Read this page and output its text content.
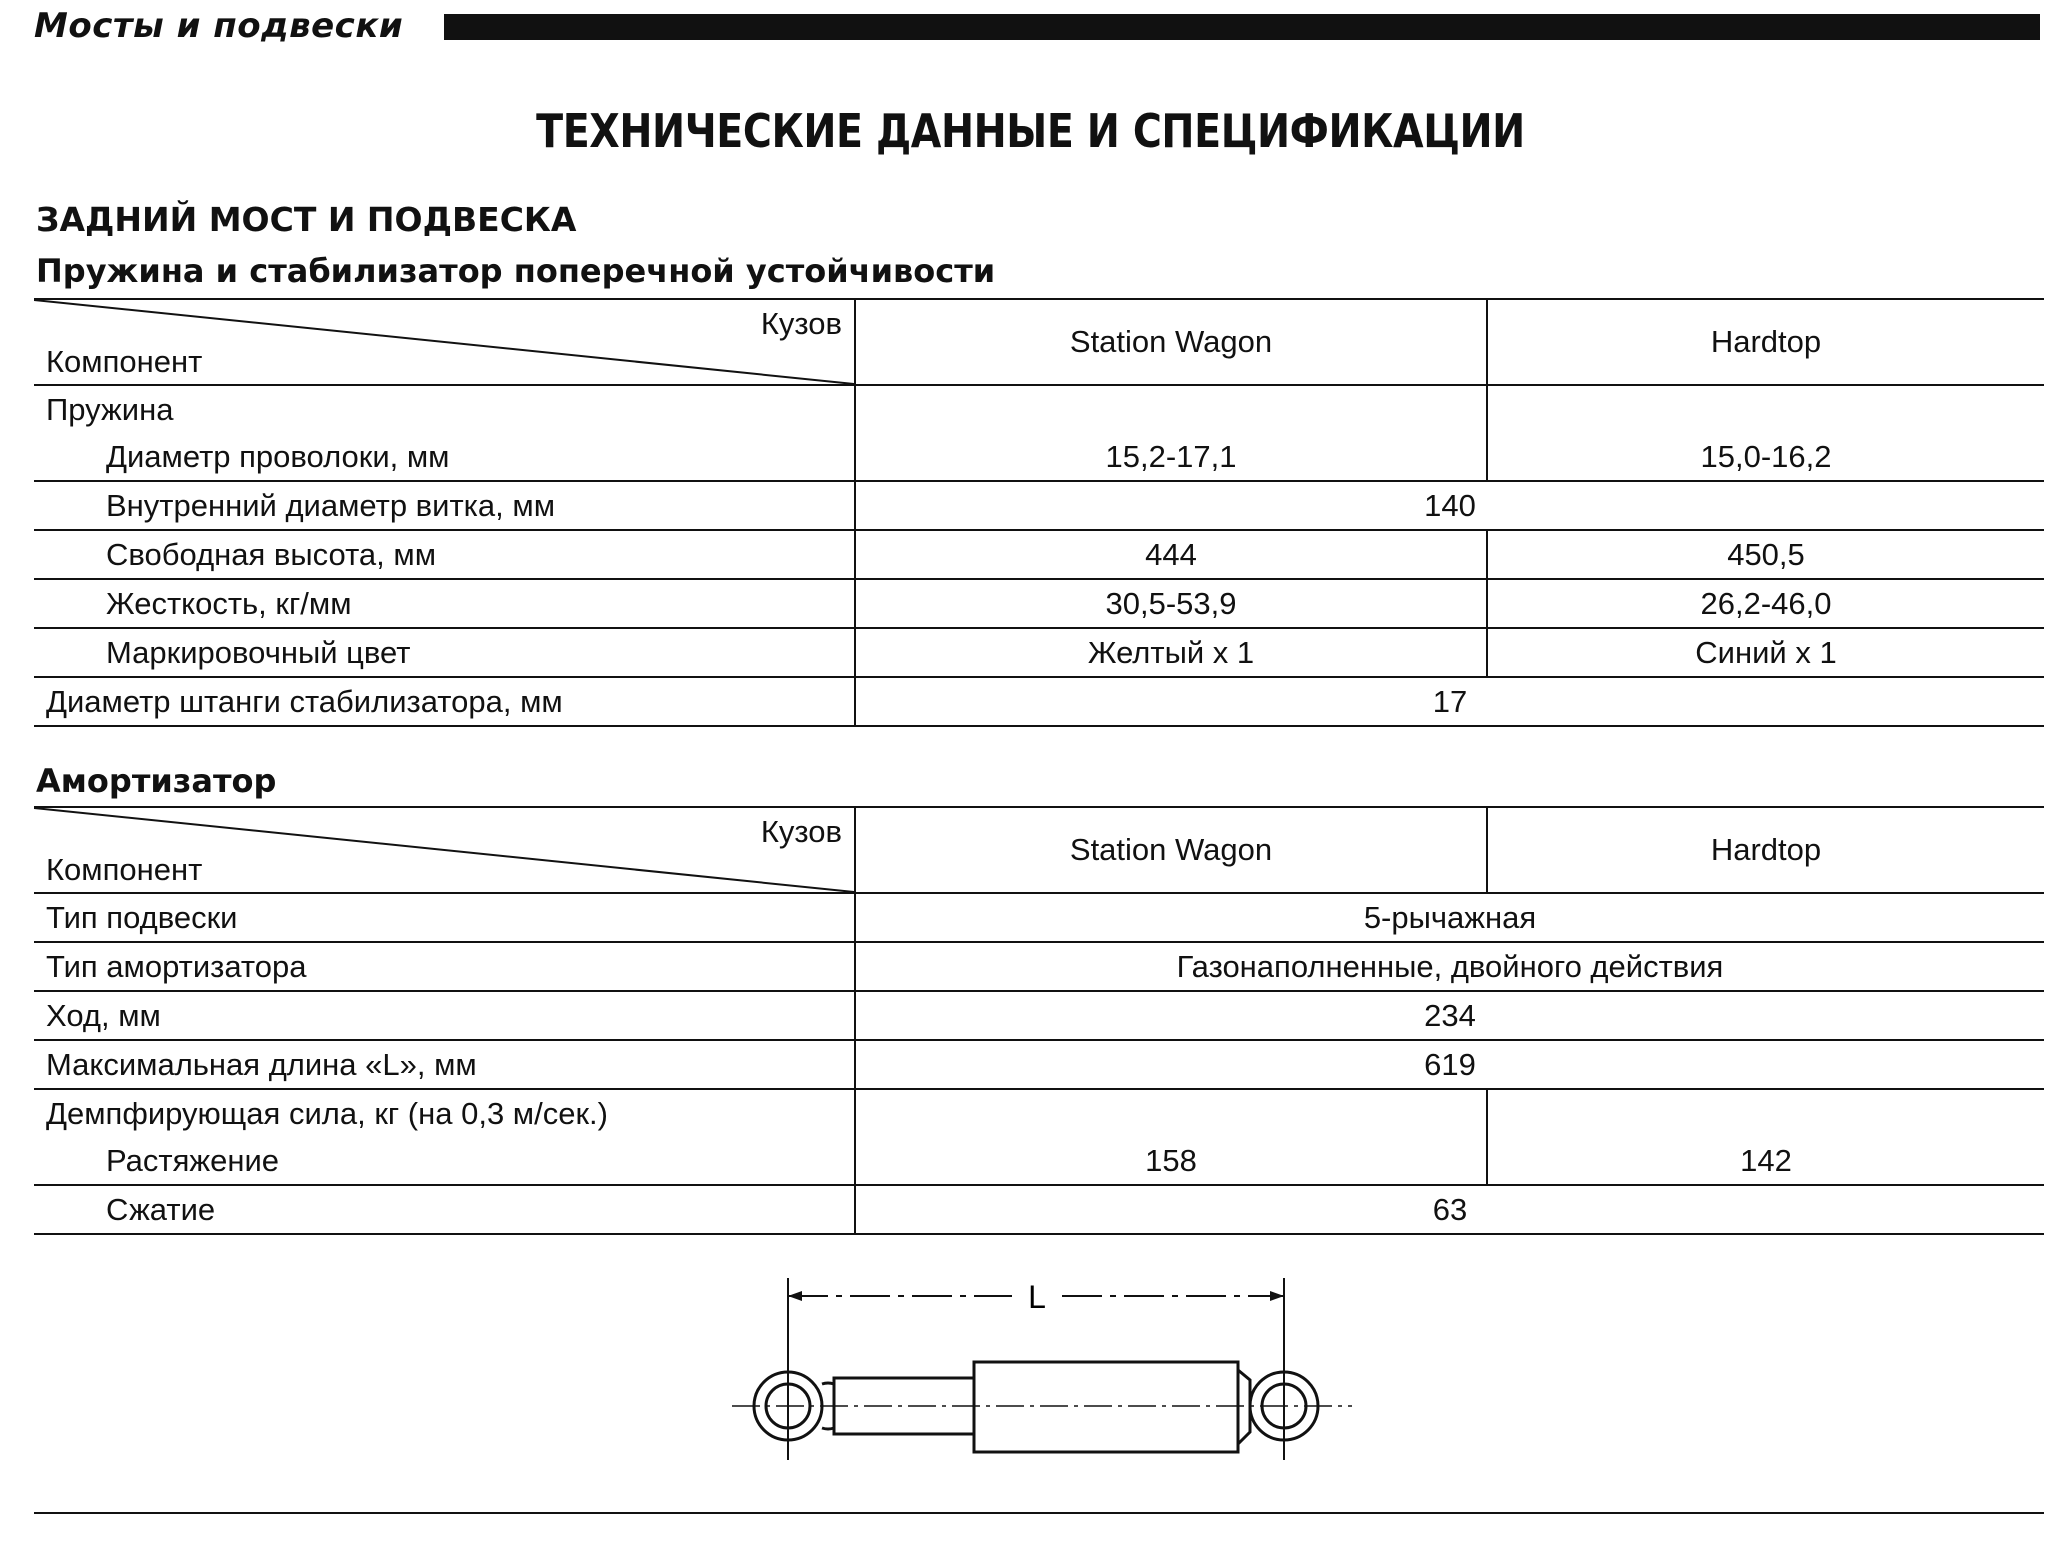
Мосты и подвески
ТЕХНИЧЕСКИЕ ДАННЫЕ И СПЕЦИФИКАЦИИ
ЗАДНИЙ МОСТ И ПОДВЕСКА
Пружина и стабилизатор поперечной устойчивости
Кузов
Компонент	Station Wagon	Hardtop
Пружина		
Диаметр проволоки, мм	15,2-17,1	15,0-16,2
Внутренний диаметр витка, мм	140	
Свободная высота, мм	444	450,5
Жесткость, кг/мм	30,5-53,9	26,2-46,0
Маркировочный цвет	Желтый x 1	Синий x 1
Диаметр штанги стабилизатора, мм	17	
Амортизатор
Кузов
Компонент	Station Wagon	Hardtop
Тип подвески	5-рычажная	
Тип амортизатора	Газонаполненные, двойного действия	
Ход, мм	234	
Максимальная длина «L», мм	619	
Демпфирующая сила, кг (на 0,3 м/сек.)		
Растяжение	158	142
Сжатие	63	
L
